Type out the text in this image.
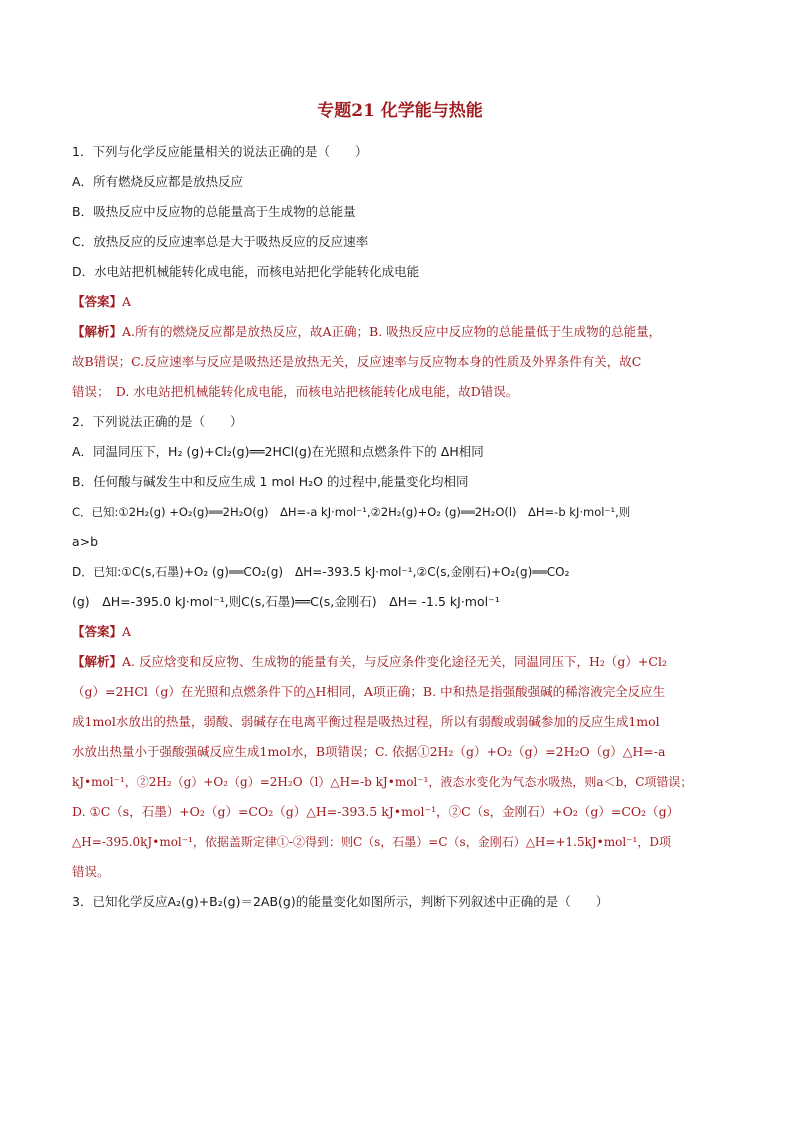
专题21 化学能与热能
1．下列与化学反应能量相关的说法正确的是（　　）
A．所有燃烧反应都是放热反应
B．吸热反应中反应物的总能量高于生成物的总能量
C．放热反应的反应速率总是大于吸热反应的反应速率
D．水电站把机械能转化成电能，而核电站把化学能转化成电能
【答案】A
【解析】A.所有的燃烧反应都是放热反应，故A正确；B. 吸热反应中反应物的总能量低于生成物的总能量，
故B错误；C.反应速率与反应是吸热还是放热无关，反应速率与反应物本身的性质及外界条件有关，故C
错误；　D. 水电站把机械能转化成电能，而核电站把核能转化成电能，故D错误。
2．下列说法正确的是（　　）
A．同温同压下，H₂ (g)+Cl₂(g)══2HCl(g)在光照和点燃条件下的 ΔH相同
B．任何酸与碱发生中和反应生成 1 mol H₂O 的过程中,能量变化均相同
C．已知:①2H₂(g) +O₂(g)══2H₂O(g)　ΔH=-a kJ·mol⁻¹,②2H₂(g)+O₂ (g)══2H₂O(l)　ΔH=-b kJ·mol⁻¹,则
a>b
D．已知:①C(s,石墨)+O₂ (g)══CO₂(g)　ΔH=-393.5 kJ·mol⁻¹,②C(s,金刚石)+O₂(g)══CO₂
(g)　ΔH=-395.0 kJ·mol⁻¹,则C(s,石墨)══C(s,金刚石)　ΔH= -1.5 kJ·mol⁻¹
【答案】A
【解析】A. 反应焓变和反应物、生成物的能量有关，与反应条件变化途径无关，同温同压下，H₂（g）+Cl₂
（g）=2HCl（g）在光照和点燃条件下的△H相同，A项正确；B. 中和热是指强酸强碱的稀溶液完全反应生
成1mol水放出的热量，弱酸、弱碱存在电离平衡过程是吸热过程，所以有弱酸或弱碱参加的反应生成1mol
水放出热量小于强酸强碱反应生成1mol水，B项错误；C. 依据①2H₂（g）+O₂（g）=2H₂O（g）△H=-a
kJ•mol⁻¹，②2H₂（g）+O₂（g）=2H₂O（l）△H=-b kJ•mol⁻¹，液态水变化为气态水吸热，则a＜b，C项错误；
D. ①C（s，石墨）+O₂（g）=CO₂（g）△H=-393.5 kJ•mol⁻¹，②C（s，金刚石）+O₂（g）=CO₂（g）
△H=-395.0kJ•mol⁻¹，依据盖斯定律①-②得到：则C（s，石墨）=C（s，金刚石）△H=+1.5kJ•mol⁻¹，D项
错误。
3．已知化学反应A₂(g)+B₂(g)＝2AB(g)的能量变化如图所示，判断下列叙述中正确的是（　　）
